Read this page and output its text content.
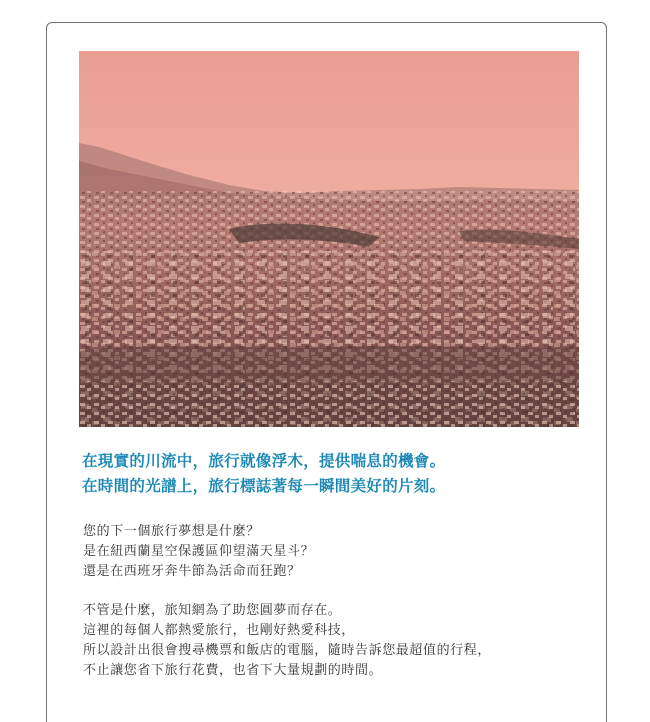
在現實的川流中，旅行就像浮木，提供喘息的機會。
在時間的光譜上，旅行標誌著每一瞬間美好的片刻。

您的下一個旅行夢想是什麼？
是在紐西蘭星空保護區仰望滿天星斗？
還是在西班牙奔牛節為活命而狂跑？

不管是什麼，旅知網為了助您圓夢而存在。
這裡的每個人都熱愛旅行，也剛好熱愛科技，
所以設計出很會搜尋機票和飯店的電腦，隨時告訴您最超值的行程，
不止讓您省下旅行花費，也省下大量規劃的時間。
